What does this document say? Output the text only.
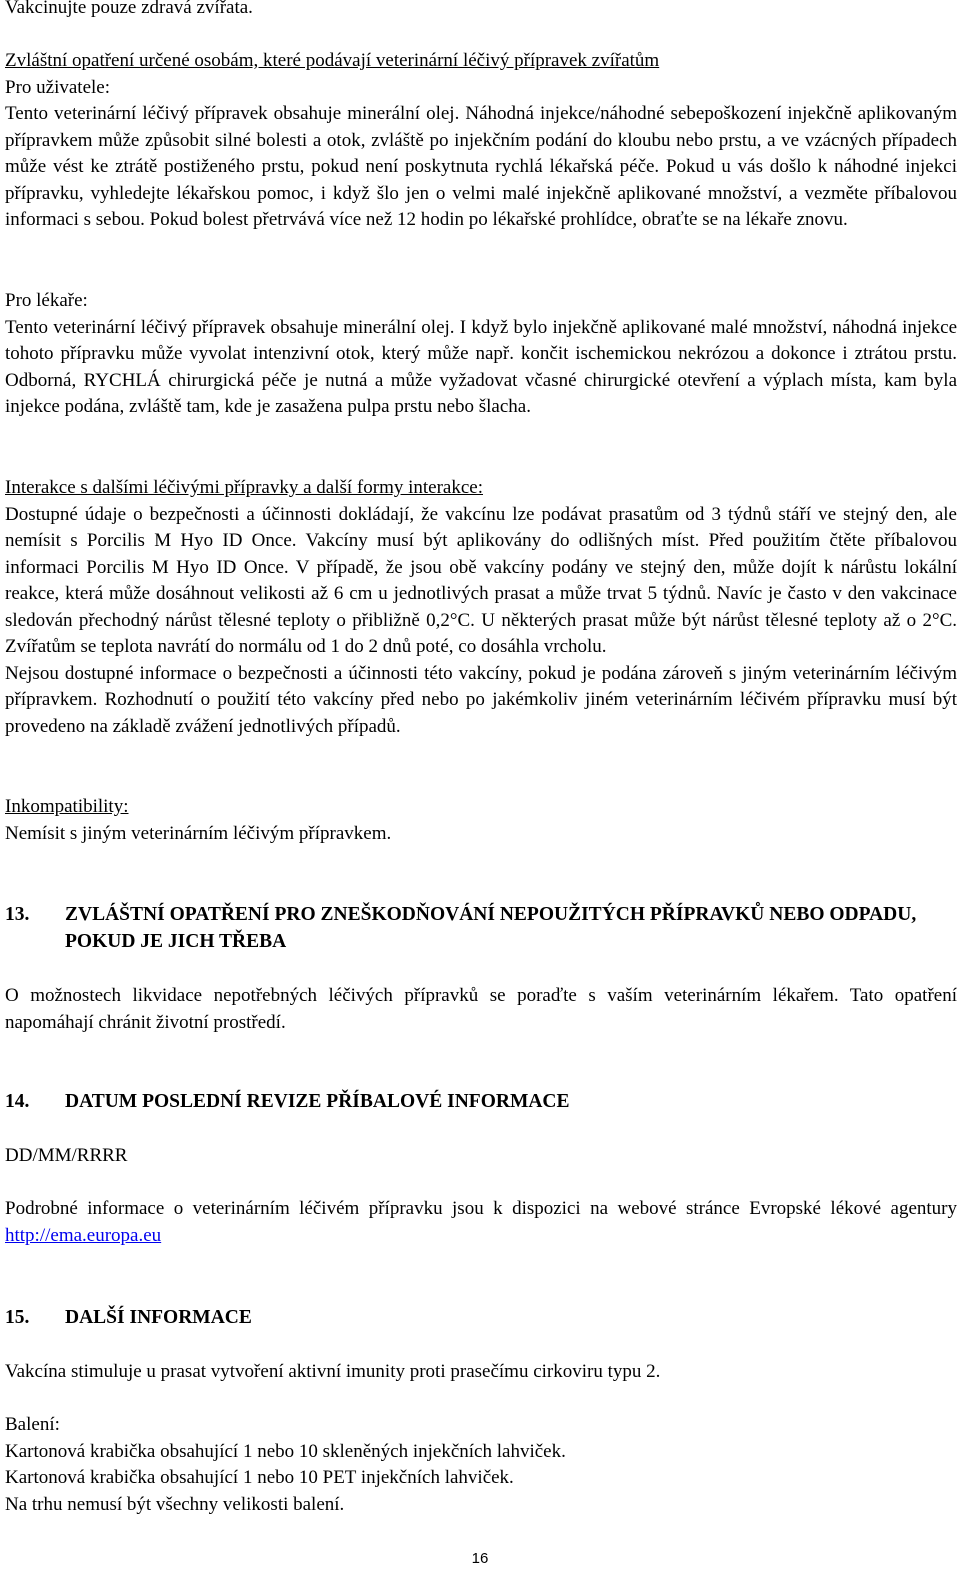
Vakcinujte pouze zdravá zvířata.

Zvláštní opatření určené osobám, které podávají veterinární léčivý přípravek zvířatům

Pro uživatele:

Tento veterinární léčivý přípravek obsahuje minerální olej. Náhodná injekce/náhodné sebepoškození injekčně aplikovaným přípravkem může způsobit silné bolesti a otok, zvláště po injekčním podání do kloubu nebo prstu, a ve vzácných případech může vést ke ztrátě postiženého prstu, pokud není poskytnuta rychlá lékařská péče. Pokud u vás došlo k náhodné injekci přípravku, vyhledejte lékařskou pomoc, i když šlo jen o velmi malé injekčně aplikované množství, a vezměte příbalovou informaci s sebou. Pokud bolest přetrvává více než 12 hodin po lékařské prohlídce, obraťte se na lékaře znovu.

Pro lékaře:

Tento veterinární léčivý přípravek obsahuje minerální olej. I když bylo injekčně aplikované malé množství, náhodná injekce tohoto přípravku může vyvolat intenzivní otok, který může např. končit ischemickou nekrózou a dokonce i ztrátou prstu. Odborná, RYCHLÁ chirurgická péče je nutná a může vyžadovat včasné chirurgické otevření a výplach místa, kam byla injekce podána, zvláště tam, kde je zasažena pulpa prstu nebo šlacha.

Interakce s dalšími léčivými přípravky a další formy interakce:

Dostupné údaje o bezpečnosti a účinnosti dokládají, že vakcínu lze podávat prasatům od 3 týdnů stáří ve stejný den, ale nemísit s Porcilis M Hyo ID Once. Vakcíny musí být aplikovány do odlišných míst. Před použitím čtěte příbalovou informaci Porcilis M Hyo ID Once. V případě, že jsou obě vakcíny podány ve stejný den, může dojít k nárůstu lokální reakce, která může dosáhnout velikosti až 6 cm u jednotlivých prasat a může trvat 5 týdnů. Navíc je často v den vakcinace sledován přechodný nárůst tělesné teploty o přibližně 0,2°C. U některých prasat může být nárůst tělesné teploty až o 2°C. Zvířatům se teplota navrátí do normálu od 1 do 2 dnů poté, co dosáhla vrcholu.

Nejsou dostupné informace o bezpečnosti a účinnosti této vakcíny, pokud je podána zároveň s jiným veterinárním léčivým přípravkem. Rozhodnutí o použití této vakcíny před nebo po jakémkoliv jiném veterinárním léčivém přípravku musí být provedeno na základě zvážení jednotlivých případů.

Inkompatibility:

Nemísit s jiným veterinárním léčivým přípravkem.

13.	ZVLÁŠTNÍ OPATŘENÍ PRO ZNEŠKODŇOVÁNÍ NEPOUŽITÝCH PŘÍPRAVKŮ NEBO ODPADU, POKUD JE JICH TŘEBA

O možnostech likvidace nepotřebných léčivých přípravků se poraďte s vaším veterinárním lékařem. Tato opatření napomáhají chránit životní prostředí.

14.	DATUM POSLEDNÍ REVIZE PŘÍBALOVÉ INFORMACE

DD/MM/RRRR

Podrobné informace o veterinárním léčivém přípravku jsou k dispozici na webové stránce Evropské lékové agentury http://ema.europa.eu

15.	DALŠÍ INFORMACE

Vakcína stimuluje u prasat vytvoření aktivní imunity proti prasečímu cirkoviru typu 2.

Balení:

Kartonová krabička obsahující 1 nebo 10 skleněných injekčních lahviček.

Kartonová krabička obsahující 1 nebo 10 PET injekčních lahviček.

Na trhu nemusí být všechny velikosti balení.

16
